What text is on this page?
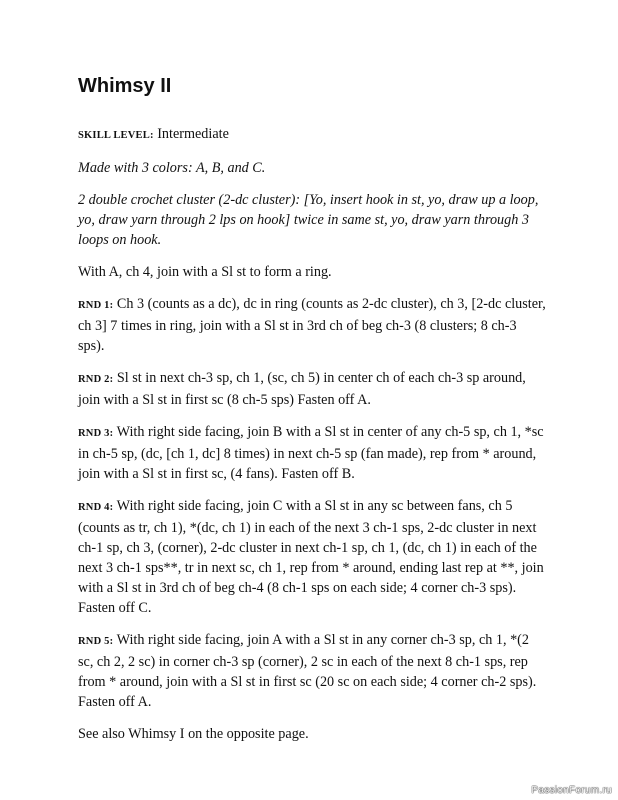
Whimsy II

SKILL LEVEL: Intermediate

Made with 3 colors: A, B, and C.

2 double crochet cluster (2-dc cluster): [Yo, insert hook in st, yo, draw up a loop, yo, draw yarn through 2 lps on hook] twice in same st, yo, draw yarn through 3 loops on hook.

With A, ch 4, join with a Sl st to form a ring.

RND 1: Ch 3 (counts as a dc), dc in ring (counts as 2-dc cluster), ch 3, [2-dc cluster, ch 3] 7 times in ring, join with a Sl st in 3rd ch of beg ch-3 (8 clusters; 8 ch-3 sps).

RND 2: Sl st in next ch-3 sp, ch 1, (sc, ch 5) in center ch of each ch-3 sp around, join with a Sl st in first sc (8 ch-5 sps) Fasten off A.

RND 3: With right side facing, join B with a Sl st in center of any ch-5 sp, ch 1, *sc in ch-5 sp, (dc, [ch 1, dc] 8 times) in next ch-5 sp (fan made), rep from * around, join with a Sl st in first sc, (4 fans). Fasten off B.

RND 4: With right side facing, join C with a Sl st in any sc between fans, ch 5 (counts as tr, ch 1), *(dc, ch 1) in each of the next 3 ch-1 sps, 2-dc cluster in next ch-1 sp, ch 3, (corner), 2-dc cluster in next ch-1 sp, ch 1, (dc, ch 1) in each of the next 3 ch-1 sps**, tr in next sc, ch 1, rep from * around, ending last rep at **, join with a Sl st in 3rd ch of beg ch-4 (8 ch-1 sps on each side; 4 corner ch-3 sps). Fasten off C.

RND 5: With right side facing, join A with a Sl st in any corner ch-3 sp, ch 1, *(2 sc, ch 2, 2 sc) in corner ch-3 sp (corner), 2 sc in each of the next 8 ch-1 sps, rep from * around, join with a Sl st in first sc (20 sc on each side; 4 corner ch-2 sps). Fasten off A.

See also Whimsy I on the opposite page.

PassionForum.ru
